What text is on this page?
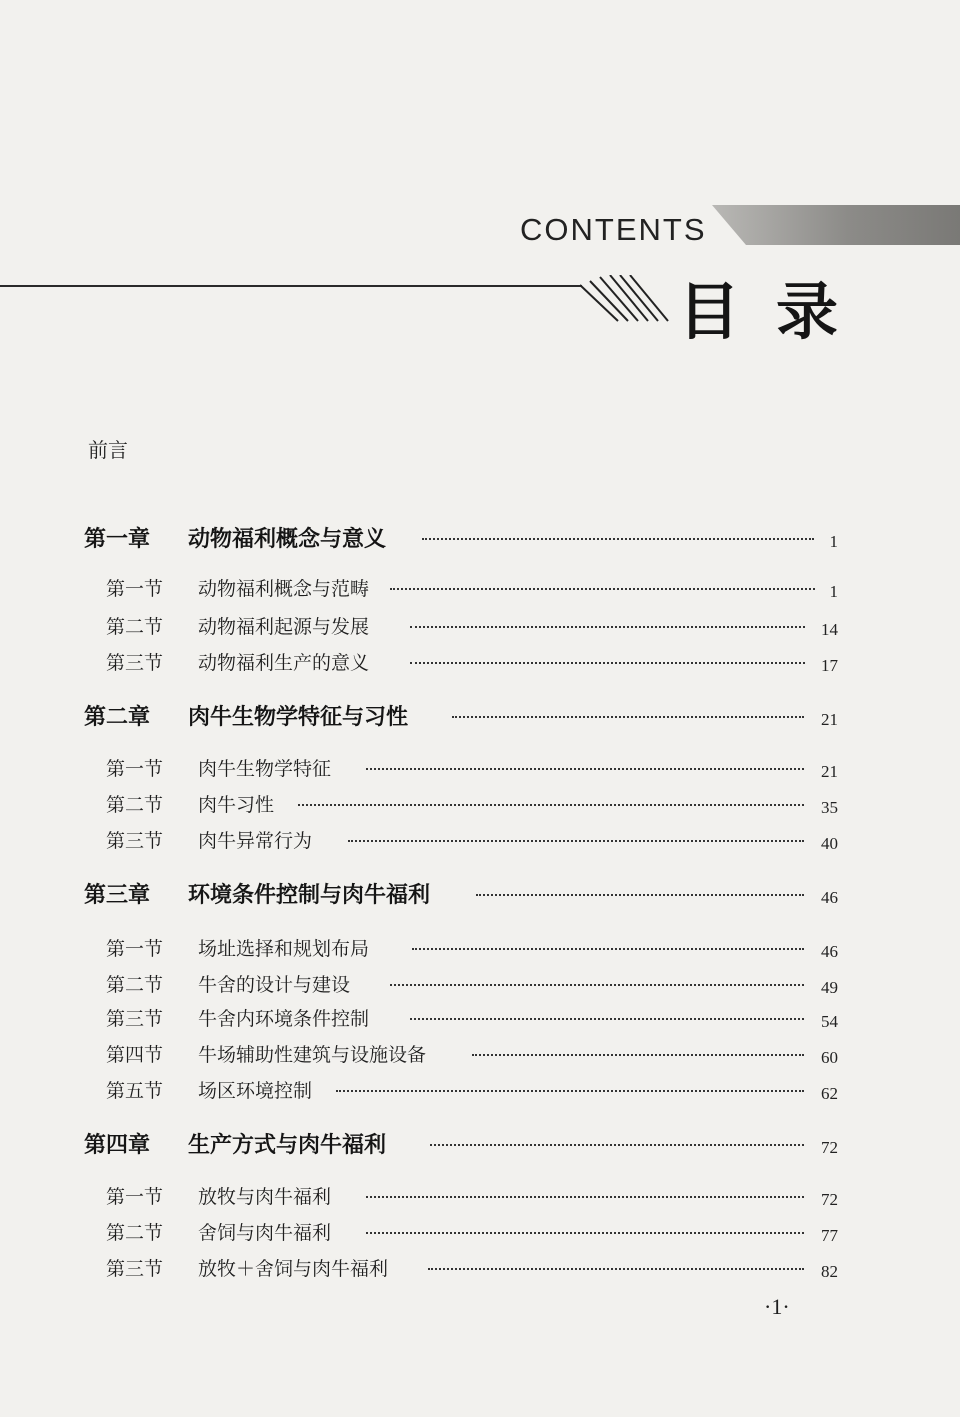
CONTENTS
目录
前言
第一章 动物福利概念与意义	1
第一节 动物福利概念与范畴	1
第二节 动物福利起源与发展	14
第三节 动物福利生产的意义	17
第二章 肉牛生物学特征与习性	21
第一节 肉牛生物学特征	21
第二节 肉牛习性	35
第三节 肉牛异常行为	40
第三章 环境条件控制与肉牛福利	46
第一节 场址选择和规划布局	46
第二节 牛舍的设计与建设	49
第三节 牛舍内环境条件控制	54
第四节 牛场辅助性建筑与设施设备	60
第五节 场区环境控制	62
第四章 生产方式与肉牛福利	72
第一节 放牧与肉牛福利	72
第二节 舍饲与肉牛福利	77
第三节 放牧＋舍饲与肉牛福利	82
·1·
